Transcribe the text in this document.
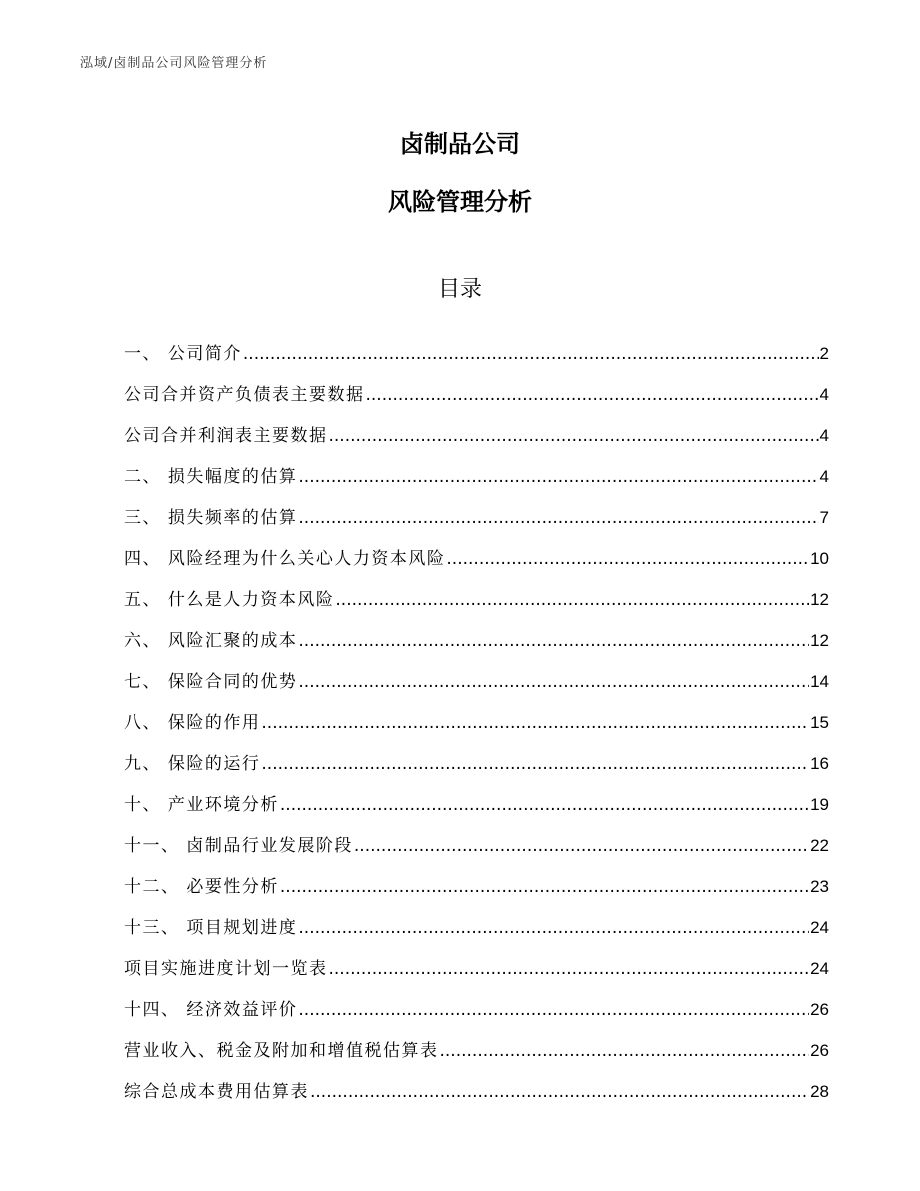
泓域/卤制品公司风险管理分析
卤制品公司
风险管理分析
目录
一、 公司简介 .....	2
公司合并资产负债表主要数据 .....	4
公司合并利润表主要数据 .....	4
二、 损失幅度的估算 .....	4
三、 损失频率的估算 .....	7
四、 风险经理为什么关心人力资本风险 .....	10
五、 什么是人力资本风险 .....	12
六、 风险汇聚的成本 .....	12
七、 保险合同的优势 .....	14
八、 保险的作用 .....	15
九、 保险的运行 .....	16
十、 产业环境分析 .....	19
十一、 卤制品行业发展阶段 .....	22
十二、 必要性分析 .....	23
十三、 项目规划进度 .....	24
项目实施进度计划一览表 .....	24
十四、 经济效益评价 .....	26
营业收入、税金及附加和增值税估算表 .....	26
综合总成本费用估算表 .....	28
